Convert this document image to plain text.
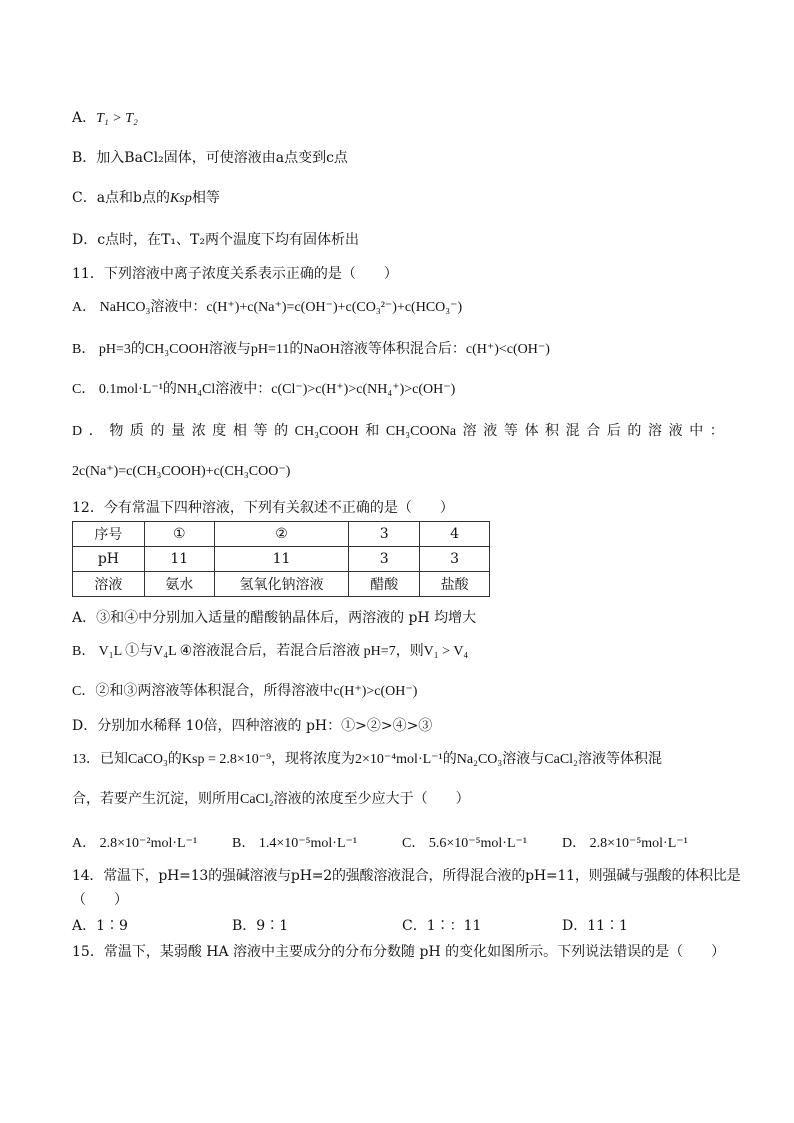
A．T₁ > T₂
B．加入BaCl₂固体，可使溶液由a点变到c点
C．a点和b点的Ksp相等
D．c点时，在T₁、T₂两个温度下均有固体析出
11．下列溶液中离子浓度关系表示正确的是（　　）
A． NaHCO₃溶液中：c(H⁺)+c(Na⁺)=c(OH⁻)+c(CO₃²⁻)+c(HCO₃⁻)
B． pH=3的CH₃COOH溶液与pH=11的NaOH溶液等体积混合后：c(H⁺)<c(OH⁻)
C． 0.1mol·L⁻¹的NH₄Cl溶液中：c(Cl⁻)>c(H⁺)>c(NH₄⁺)>c(OH⁻)
D ． 物 质 的 量 浓 度 相 等 的 CH₃COOH 和 CH₃COONa 溶 液 等 体 积 混 合 后 的 溶 液 中 ：
2c(Na⁺)=c(CH₃COOH)+c(CH₃COO⁻)
12．今有常温下四种溶液，下列有关叙述不正确的是（　　）
序号	①	②	3	4
pH	11	11	3	3
溶液	氨水	氢氧化钠溶液	醋酸	盐酸
A．③和④中分别加入适量的醋酸钠晶体后，两溶液的 pH 均增大
B． V₁L ①与V₄L ④溶液混合后，若混合后溶液 pH=7，则V₁ > V₄
C．②和③两溶液等体积混合，所得溶液中c(H⁺)>c(OH⁻)
D．分别加水稀释 10倍，四种溶液的 pH：①>②>④>③
13．已知CaCO₃的Ksp = 2.8×10⁻⁹，现将浓度为2×10⁻⁴mol·L⁻¹的Na₂CO₃溶液与CaCl₂溶液等体积混
合，若要产生沉淀，则所用CaCl₂溶液的浓度至少应大于（　　）
A． 2.8×10⁻²mol·L⁻¹	B． 1.4×10⁻⁵mol·L⁻¹	C． 5.6×10⁻⁵mol·L⁻¹	D． 2.8×10⁻⁵mol·L⁻¹
14．常温下，pH=13的强碱溶液与pH=2的强酸溶液混合，所得混合液的pH=11，则强碱与强酸的体积比是
（　　）
A．1∶9	B．9∶1	C．1∶：11	D．11∶1
15．常温下，某弱酸 HA 溶液中主要成分的分布分数随 pH 的变化如图所示。下列说法错误的是（　　）
